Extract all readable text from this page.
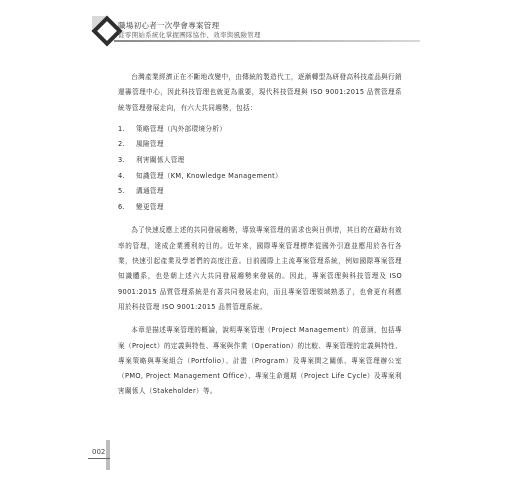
職場初心者一次學會專案管理
從零開始系統化掌握團隊協作、效率與風險管理

台灣產業經濟正在不斷地改變中，由傳統的製造代工，逐漸轉型為研發高科技產品與行銷運籌管理中心，因此科技管理也就更為重要，現代科技管理與 ISO 9001:2015 品質管理系統等管理發展走向，有六大共同趨勢，包括：

1.	策略管理（內外部環境分析）
2.	風險管理
3.	利害關係人管理
4.	知識管理（KM, Knowledge Management）
5.	溝通管理
6.	變更管理

為了快速反應上述的共同發展趨勢，導致專案管理的需求也與日俱增，其目的在藉助有效率的管理，達成企業獲利的目的。近年來，國際專案管理標準從國外引進並應用於各行各業，快速引起產業及學者們的高度注意。目前國際上主流專案管理系統，例如國際專案管理知識體系，也是朝上述六大共同發展趨勢來發展的。因此，專案管理與科技管理及 ISO 9001:2015 品質管理系統是有著共同發展走向，而且專案管理領域熟悉了，也會更有利應用於科技管理 ISO 9001:2015 品質管理系統。

本章是描述專案管理的概論，說明專案管理（Project Management）的意涵，包括專案（Project）的定義與特性、專案與作業（Operation）的比較、專案管理的定義與特性、專案策略與專案組合（Portfolio）、計畫（Program）及專案間之關係、專案管理辦公室（PMO, Project Management Office）、專案生命週期（Project Life Cycle）及專案利害關係人（Stakeholder）等。

002
